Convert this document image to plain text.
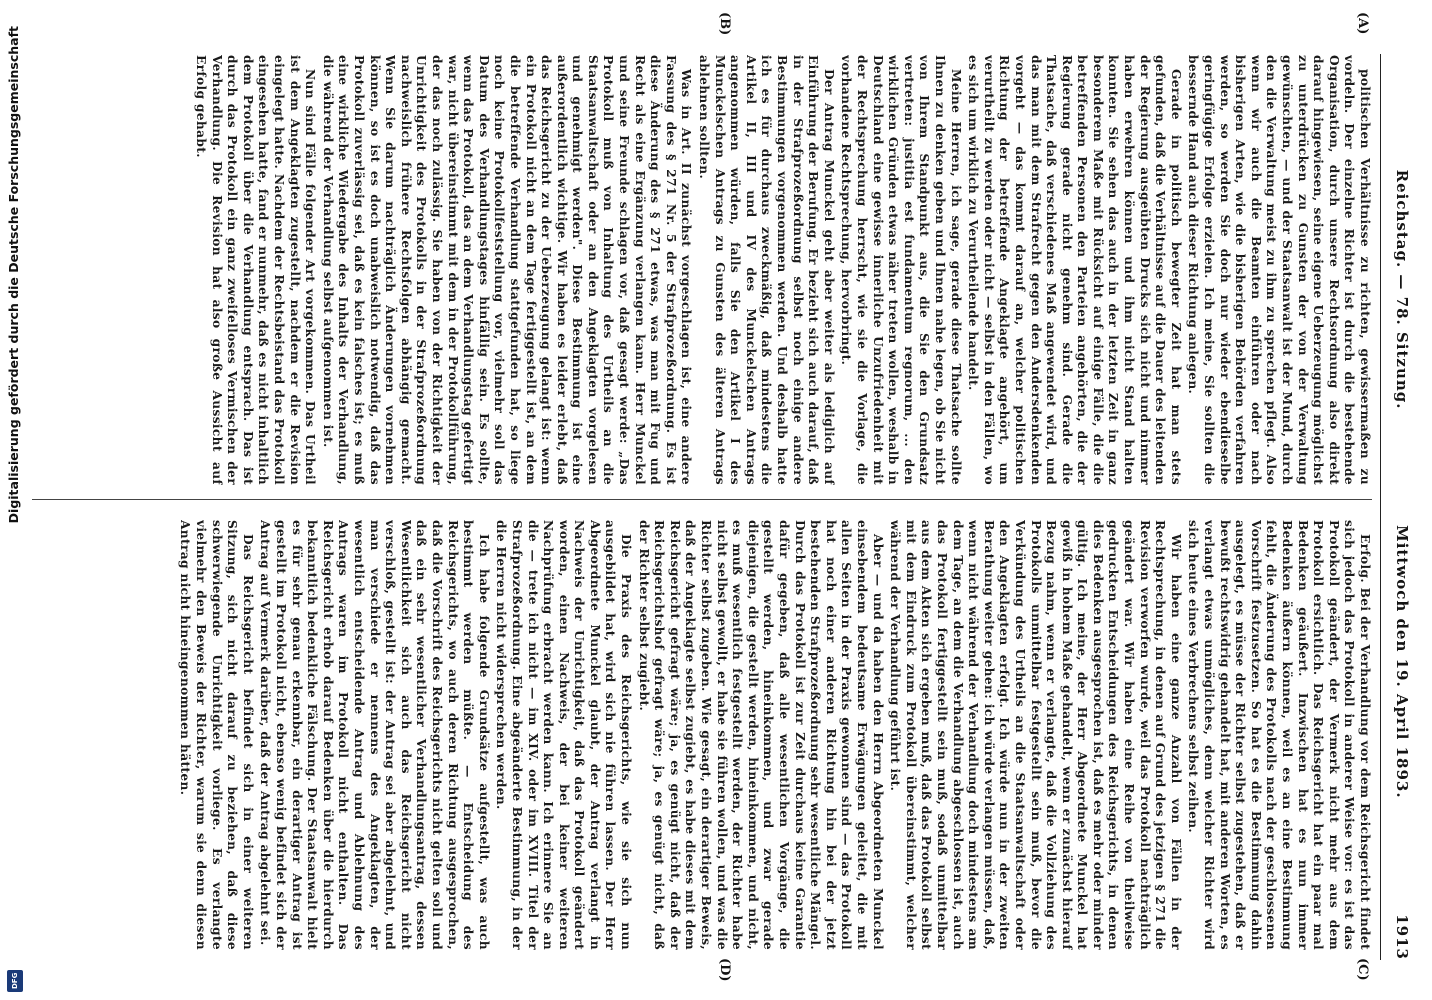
Reichstag. — 78. Sitzung.
Mittwoch den 19. April 1893.
1913
(A)
(B)
(C)
(D)

politischen Verhältnisse zu richten, gewissermaßen zu vordeln. Der einzelne Richter ist durch die bestehende Organisation, durch unsere Rechtsordnung also direkt darauf hingewiesen, seine eigene Ueberzeugung möglichst zu unterdrücken zu Gunsten der von der Verwaltung gewünschten, — und der Staatsanwalt ist der Mund, durch den die Verwaltung meist zu ihm zu sprechen pflegt. Also wenn wir auch die Beamten einführen oder nach bisherigen Arten, wie die bisherigen Behörden verfahren werden, so werden Sie doch nur wieder ebendieselbe geringfügige Erfolge erzielen. Ich meine, Sie sollten die bessernde Hand auch dieser Richtung anlegen.

Gerade in politisch bewegter Zeit hat man stets gefunden, daß die Verhältnisse auf die Dauer des leitenden der Regierung ausgeübten Drucks sich nicht und nimmer haben erwehren können und ihm nicht Stand halten konnten. Sie sehen das auch in der letzten Zeit in ganz besonderem Maße mit Rücksicht auf einige Fälle, die die betreffenden Personen den Parteien angehörten, die der Regierung gerade nicht genehm sind. Gerade die Thatsache, daß verschiedenes Maß angewendet wird, und das man mit dem Strafrecht gegen den Andersdenkenden vorgeht — das kommt darauf an, welcher politischen Richtung der betreffende Angeklagte angehört, um verurtheilt zu werden oder nicht — selbst in den Fällen, wo es sich um wirklich zu Verurtheilende handelt.

Meine Herren, ich sage, gerade diese Thatsache sollte Ihnen zu denken geben und Ihnen nahe legen, ob Sie nicht von Ihrem Standpunkt aus, die Sie den Grundsatz vertreten: justitia est fundamentum regnorum, ... den wirklichen Gründen etwas näher treten wollen, weshalb in Deutschland eine gewisse innerliche Unzufriedenheit mit der Rechtsprechung herrscht, wie sie die Vorlage, die vorhandene Rechtsprechung, hervorbringt.

Der Antrag Munckel geht aber weiter als lediglich auf Einführung der Berufung. Er bezieht sich auch darauf, daß in der Strafprozeßordnung selbst noch einige andere Bestimmungen vorgenommen werden. Und deshalb hatte ich es für durchaus zweckmäßig, daß mindestens die Artikel II, III und IV des Munckelschen Antrags angenommen würden, falls Sie den Artikel I des Munckelschen Antrags zu Gunsten des älteren Antrags ablehnen sollten.

Was in Art. II zunächst vorgeschlagen ist, eine andere Fassung des § 271 Nr. 5 der Strafprozeßordnung. Es ist diese Änderung des § 271 etwas, was man mit Fug und Recht als eine Ergänzung verlangen kann. Herr Munckel und seine Freunde schlagen vor, daß gesagt werde: „Das Protokoll muß von Inhaltung des Urtheils an die Staatsanwaltschaft oder an den Angeklagten vorgelesen und genehmigt werden". Diese Bestimmung ist eine außerordentlich wichtige. Wir haben es leider erlebt, daß das Reichsgericht zu der Ueberzeugung gelangt ist: wenn ein Protokoll nicht an dem Tage fertiggestellt ist, an dem die betreffende Verhandlung stattgefunden hat, so liege noch keine Protokollfeststellung vor, vielmehr soll das Datum des Verhandlungstages hinfällig sein. Es sollte, wenn das Protokoll, das an dem Verhandlungstag gefertigt war, nicht übereinstimmt mit dem in der Protokollführung, der das noch zulässig. Sie haben von der Richtigkeit der Unrichtigkeit des Protokolls in der Strafprozeßordnung nachweislich frühere Rechtsfolgen abhängig gemacht. Wenn Sie darum nachträglich Änderungen vornehmen können, so ist es doch unabweislich notwendig, daß das Protokoll zuverlässig sei, daß es kein falsches ist; es muß eine wirkliche Wiedergabe des Inhalts der Verhandlung, die während der Verhandlung selbst aufgenommen ist.

Nun sind Fälle folgender Art vorgekommen. Das Urtheil ist dem Angeklagten zugestellt, nachdem er die Revision eingelegt hatte. Nachdem der Rechtsbeistand das Protokoll eingesehen hatte, fand er nunmehr, daß es nicht inhaltlich dem Protokoll über die Verhandlung entsprach. Das ist durch das Protokoll ein ganz zweifelloses Vermischen der Verhandlung. Die Revision hat also große Aussicht auf Erfolg gehabt.

Erfolg. Bei der Verhandlung vor dem Reichsgericht findet sich jedoch das Protokoll in anderer Weise vor: es ist das Protokoll geändert, der Vermerk nicht mehr aus dem Protokoll ersichtlich. Das Reichsgericht hat ein paar mal Bedenken geäußert. Inzwischen hat es nun immer Bedenken äußern können, weil es an eine Bestimmung fehlt, die Änderung des Protokolls nach der geschlossenen Vorschrift festzusetzen. So hat es die Bestimmung dahin ausgelegt, es müsse der Richter selbst zugestehen, daß er bewußt rechtswidrig gehandelt hat, mit anderen Worten, es verlangt etwas unmögliches, denn welcher Richter wird sich heute eines Verbrechens selbst zeihen.

Wir haben eine ganze Anzahl von Fällen in der Rechtsprechung, in denen auf Grund des jetzigen § 271 die Revision verworfen wurde, weil das Protokoll nachträglich geändert war. Wir haben eine Reihe von theilweise gedruckten Entscheidungen des Reichsgerichts, in denen dies Bedenken ausgesprochen ist, daß es mehr oder minder gültig. Ich meine, der Herr Abgeordnete Munckel hat gewiß in hohem Maße gehandelt, wenn er zunächst hierauf Bezug nahm, wenn er verlangte, daß die Vollziehung des Protokolls unmittelbar festgestellt sein muß, bevor die Verkündung des Urtheils an die Staatsanwaltschaft oder den Angeklagten erfolgt. Ich würde nun in der zweiten Berathung weiter gehen: ich würde verlangen müssen, daß, wenn nicht während der Verhandlung doch mindestens am dem Tage, an dem die Verhandlung abgeschlossen ist, auch das Protokoll fertiggestellt sein muß, sodaß unmittelbar aus dem Akten sich ergeben muß, daß das Protokoll selbst mit dem Eindruck zum Protokoll übereinstimmt, welcher während der Verhandlung geführt ist.

Aber — und da haben den Herrn Abgeordneten Munckel einsebendem bedeutsame Erwägungen geleitet, die mit allen Seiten in der Praxis gewonnen sind — das Protokoll hat noch einer anderen Richtung hin bei der jetzt bestehenden Strafprozeßordnung sehr wesentliche Mängel. Durch das Protokoll ist zur Zeit durchaus keine Garantie dafür gegeben, daß alle wesentlichen Vorgänge, die gestellt werden, hineinkommen, und zwar gerade diejenigen, die gestellt werden, hineinkommen, und nicht, es muß wesentlich festgestellt werden, der Richter habe nicht selbst gewollt, er habe sie führen wollen, und was die Richter selbst zugeben. Wie gesagt, ein derartiger Beweis, daß der Angeklagte selbst zugiebt, es habe dieses mit dem Reichsgericht gefragt wäre; ja, es genügt nicht, daß der Reichsgerichtshof gefragt wäre; ja, es genügt nicht, daß der Richter selbst zugiebt.

Die Praxis des Reichsgerichts, wie sie sich nun ausgebildet hat, wird sich nie führen lassen. Der Herr Abgeordnete Munckel glaubt, der Antrag verlangt in Nachweis der Unrichtigkeit, daß das Protokoll geändert worden, einen Nachweis, der bei keiner weiteren Nachprüfung erbracht werden kann. Ich erinnere Sie an die — trete ich nicht — im XIV. oder im XVIII. Titel der Strafprozeßordnung. Eine abgeänderte Bestimmung, in der die Herren nicht widersprechen werden.

Ich habe folgende Grundsätze aufgestellt, was auch bestimmt werden müßte. — Entscheidung des Reichsgerichts, wo auch deren Richtung ausgesprochen, daß die Vorschrift des Reichsgerichts nicht gelten soll und daß ein sehr wesentlicher Verhandlungsantrag, dessen Wesentlichkeit sich auch das Reichsgericht nicht verschloß, gestellt ist: der Antrag sei aber abgelehnt, und man verschiede er nennens des Angeklagten, der wesentlich entscheidende Antrag und Ablehnung des Antrags waren im Protokoll nicht enthalten. Das Reichsgericht erhob darauf Bedenken über die hierdurch bekanntlich bedenkliche Fälschung. Der Staatsanwalt hielt es für sehr genau erkennbar, ein derartiger Antrag ist gestellt im Protokoll nicht, ebenso wenig befindet sich der Antrag auf Vermerk darüber, daß der Antrag abgelehnt sei.

Das Reichsgericht befindet sich in einer weiteren Sitzung, sich nicht darauf zu beziehen, daß diese schwerwiegende Unrichtigkeit vorliege. Es verlangte vielmehr den Beweis der Richter, warum sie denn diesen Antrag nicht hineingenommen hätten.

Digitalisierung gefördert durch die Deutsche Forschungsgemeinschaft
DFG
